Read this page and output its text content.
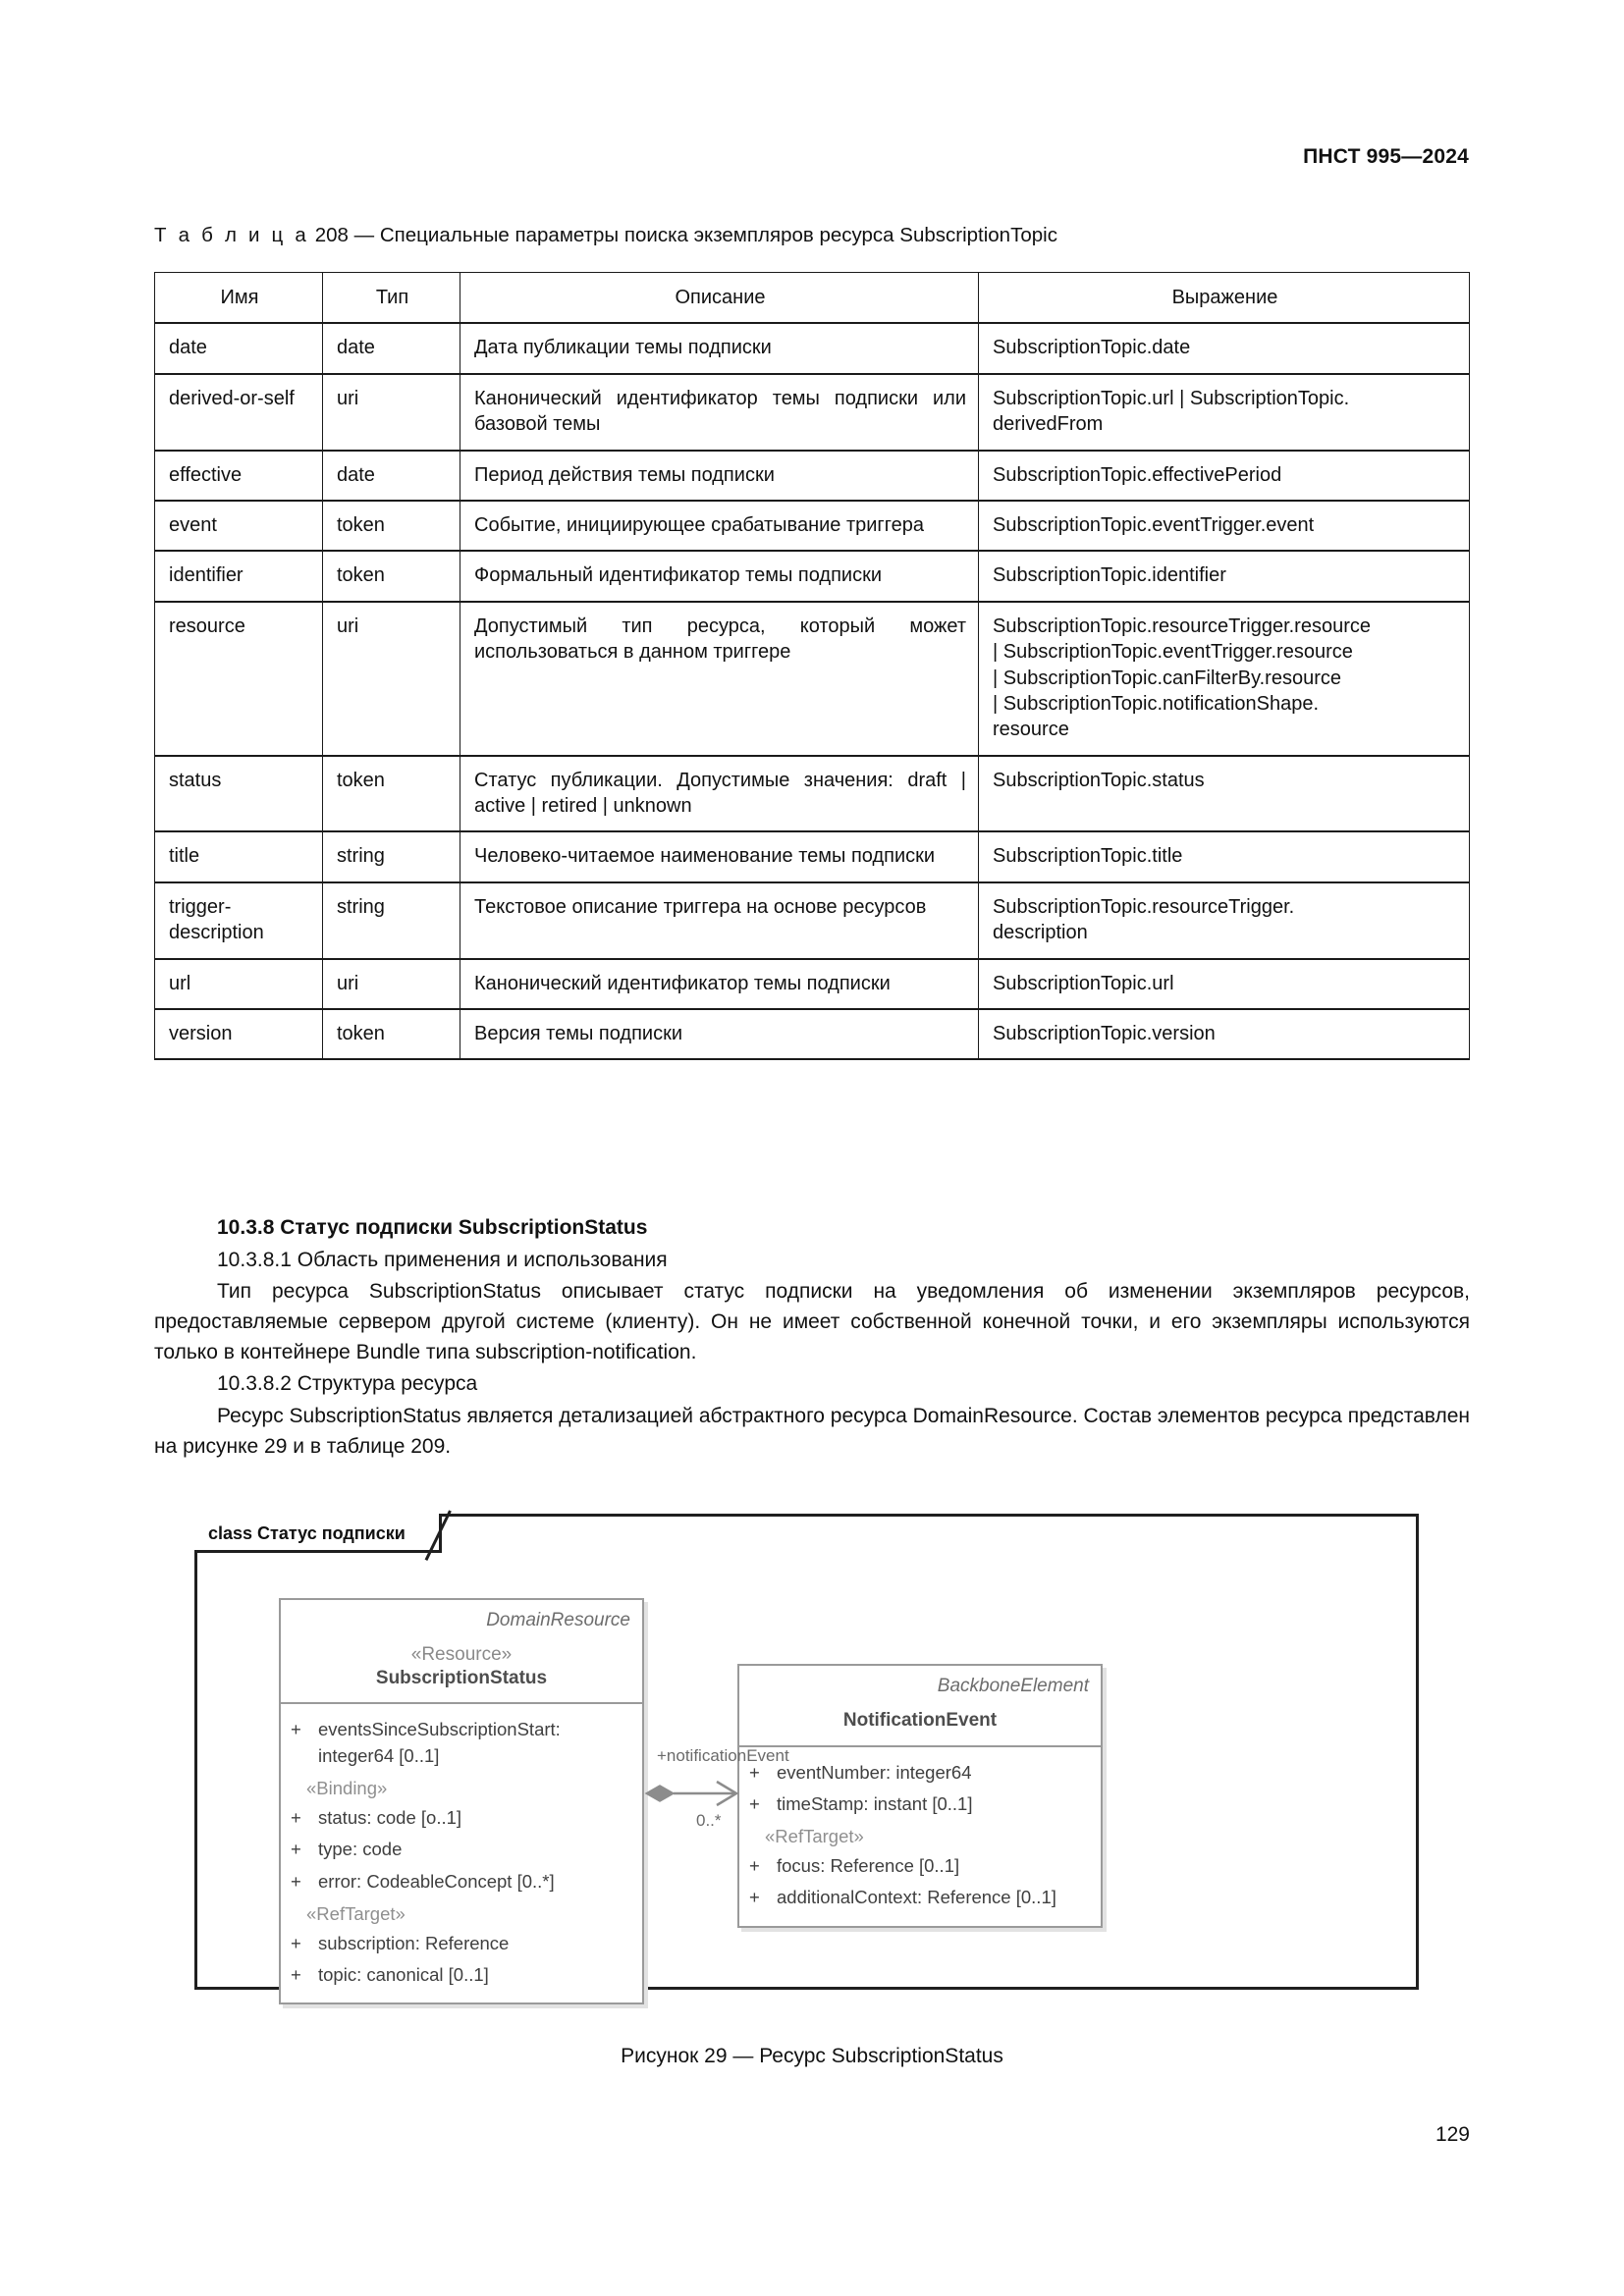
ПНСТ 995—2024
Т а б л и ц а 208 — Специальные параметры поиска экземпляров ресурса SubscriptionTopic
Имя	Тип	Описание	Выражение
date	date	Дата публикации темы подписки	SubscriptionTopic.date

derived-or-self	uri	Канонический идентификатор темы подписки или базовой темы	SubscriptionTopic.url | SubscriptionTopic.
derivedFrom

effective	date	Период действия темы подписки	SubscriptionTopic.effectivePeriod

event	token	Событие, инициирующее срабатывание триггера	SubscriptionTopic.eventTrigger.event

identifier	token	Формальный идентификатор темы подписки	SubscriptionTopic.identifier

resource	uri	Допустимый тип ресурса, который может использоваться в данном триггере	SubscriptionTopic.resourceTrigger.resource
| SubscriptionTopic.eventTrigger.resource
| SubscriptionTopic.canFilterBy.resource
| SubscriptionTopic.notificationShape.
resource

status	token	Статус публикации. Допустимые значения: draft | active | retired | unknown	SubscriptionTopic.status

title	string	Человеко-читаемое наименование темы подписки	SubscriptionTopic.title

trigger-description	string	Текстовое описание триггера на основе ресурсов	SubscriptionTopic.resourceTrigger.
description

url	uri	Канонический идентификатор темы подписки	SubscriptionTopic.url

version	token	Версия темы подписки	SubscriptionTopic.version
10.3.8 Статус подписки SubscriptionStatus
10.3.8.1 Область применения и использования

Тип ресурса SubscriptionStatus описывает статус подписки на уведомления об изменении экземпляров ресурсов, предоставляемые сервером другой системе (клиенту). Он не имеет собственной конечной точки, и его экземпляры используются только в контейнере Bundle типа subscription-notification.

10.3.8.2 Структура ресурса

Ресурс SubscriptionStatus является детализацией абстрактного ресурса DomainResource. Состав элементов ресурса представлен на рисунке 29 и в таблице 209.

class Статус подписки
DomainResource
«Resource»
SubscriptionStatus
+ eventsSinceSubscriptionStart: integer64 [0..1]
«Binding»
+ status: code [o..1]
+ type: code
+ error: CodeableConcept [0..*]
«RefTarget»
+ subscription: Reference
+ topic: canonical [0..1]
BackboneElement
NotificationEvent
+ eventNumber: integer64
+ timeStamp: instant [0..1]
«RefTarget»
+ focus: Reference [0..1]
+ additionalContext: Reference [0..1]
+notificationEvent
0..*
Рисунок 29 — Ресурс SubscriptionStatus
129
